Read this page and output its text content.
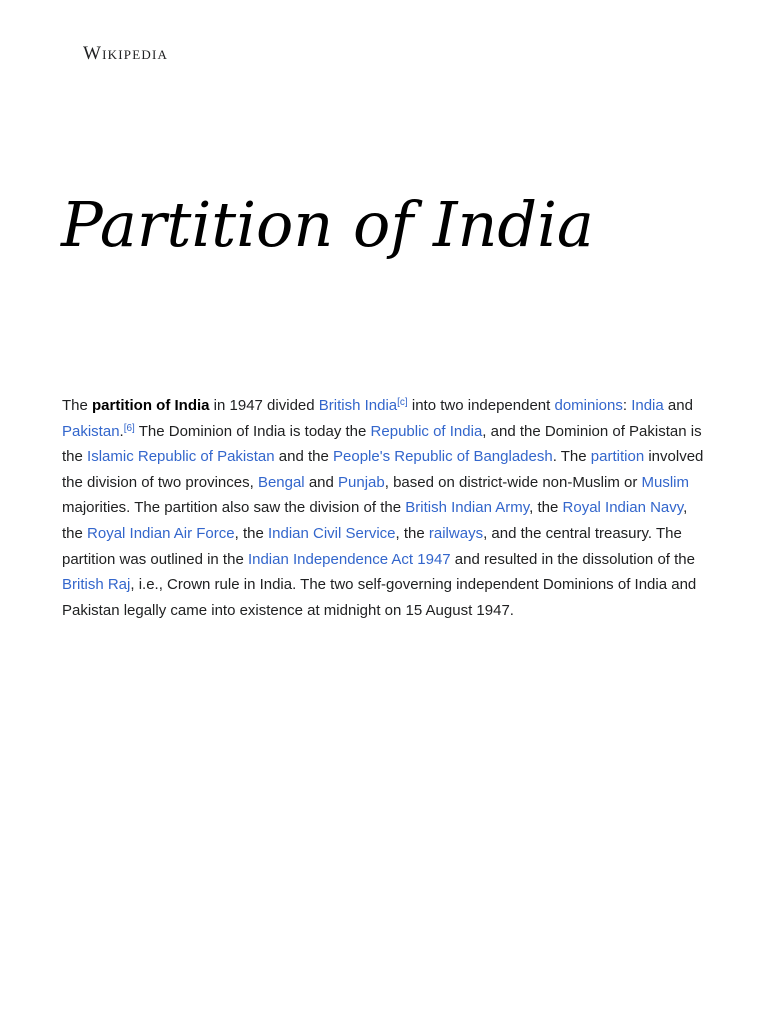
Wikipedia
Partition of India

The partition of India in 1947 divided British India[c] into two independent dominions: India and Pakistan.[6] The Dominion of India is today the Republic of India, and the Dominion of Pakistan is the Islamic Republic of Pakistan and the People's Republic of Bangladesh. The partition involved the division of two provinces, Bengal and Punjab, based on district-wide non-Muslim or Muslim majorities. The partition also saw the division of the British Indian Army, the Royal Indian Navy, the Royal Indian Air Force, the Indian Civil Service, the railways, and the central treasury. The partition was outlined in the Indian Independence Act 1947 and resulted in the dissolution of the British Raj, i.e., Crown rule in India. The two self-governing independent Dominions of India and Pakistan legally came into existence at midnight on 15 August 1947.
